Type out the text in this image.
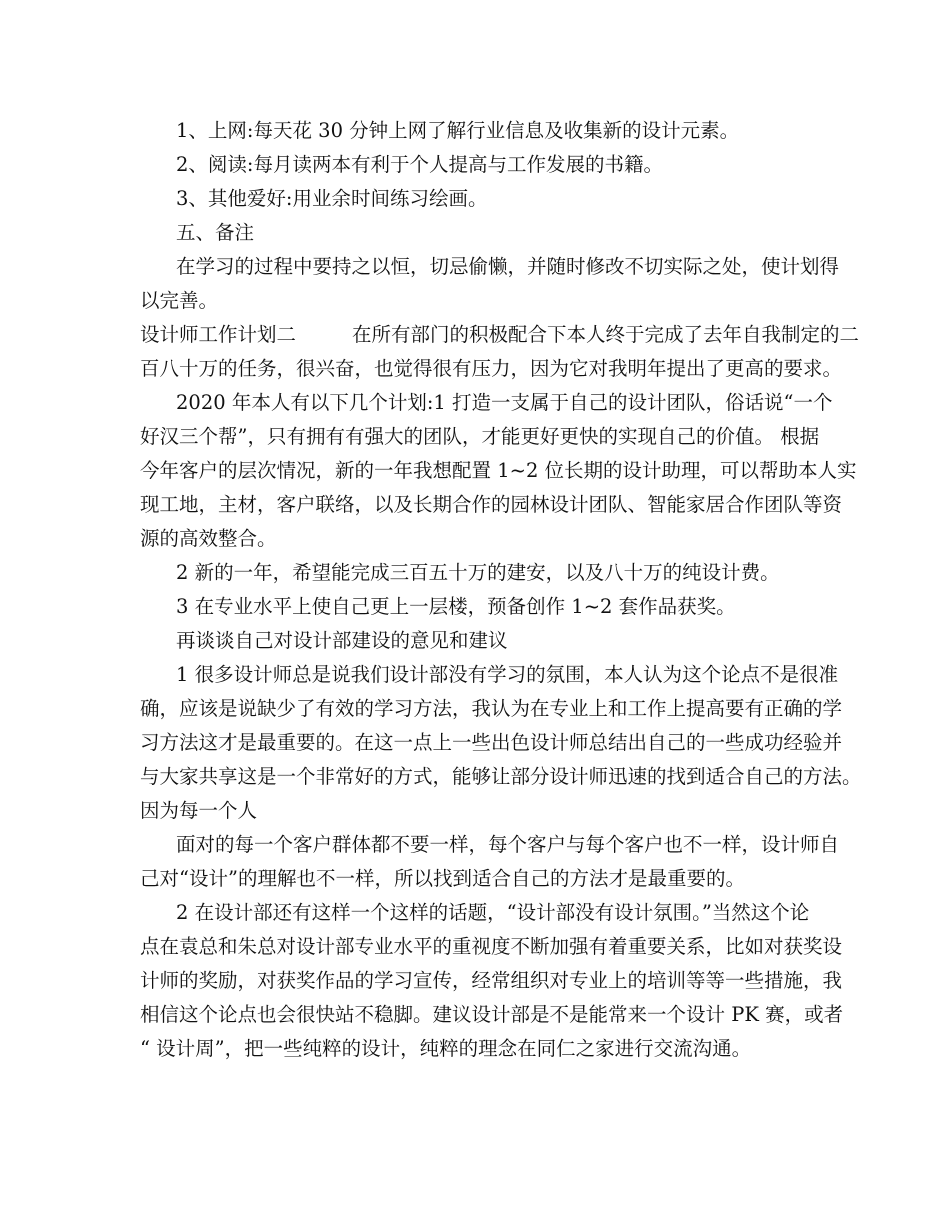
1、上网:每天花 30 分钟上网了解行业信息及收集新的设计元素。
2、阅读:每月读两本有利于个人提高与工作发展的书籍。
3、其他爱好:用业余时间练习绘画。
五、备注
在学习的过程中要持之以恒，切忌偷懒，并随时修改不切实际之处，使计划得
以完善。
设计师工作计划二	在所有部门的积极配合下本人终于完成了去年自我制定的二
百八十万的任务，很兴奋，也觉得很有压力，因为它对我明年提出了更高的要求。
2020 年本人有以下几个计划:1 打造一支属于自己的设计团队，俗话说“一个
好汉三个帮”，只有拥有有强大的团队，才能更好更快的实现自己的价值。 根据
今年客户的层次情况，新的一年我想配置 1~2 位长期的设计助理，可以帮助本人实
现工地，主材，客户联络，以及长期合作的园林设计团队、智能家居合作团队等资
源的高效整合。
2 新的一年，希望能完成三百五十万的建安，以及八十万的纯设计费。
3 在专业水平上使自己更上一层楼，预备创作 1~2 套作品获奖。
再谈谈自己对设计部建设的意见和建议
1 很多设计师总是说我们设计部没有学习的氛围，本人认为这个论点不是很准
确，应该是说缺少了有效的学习方法，我认为在专业上和工作上提高要有正确的学
习方法这才是最重要的。在这一点上一些出色设计师总结出自己的一些成功经验并
与大家共享这是一个非常好的方式，能够让部分设计师迅速的找到适合自己的方法。
因为每一个人
面对的每一个客户群体都不要一样，每个客户与每个客户也不一样，设计师自
己对“设计”的理解也不一样，所以找到适合自己的方法才是最重要的。
2 在设计部还有这样一个这样的话题，“设计部没有设计氛围。”当然这个论
点在袁总和朱总对设计部专业水平的重视度不断加强有着重要关系，比如对获奖设
计师的奖励，对获奖作品的学习宣传，经常组织对专业上的培训等等一些措施，我
相信这个论点也会很快站不稳脚。建议设计部是不是能常来一个设计 PK 赛，或者
“ 设计周”，把一些纯粹的设计，纯粹的理念在同仁之家进行交流沟通。
